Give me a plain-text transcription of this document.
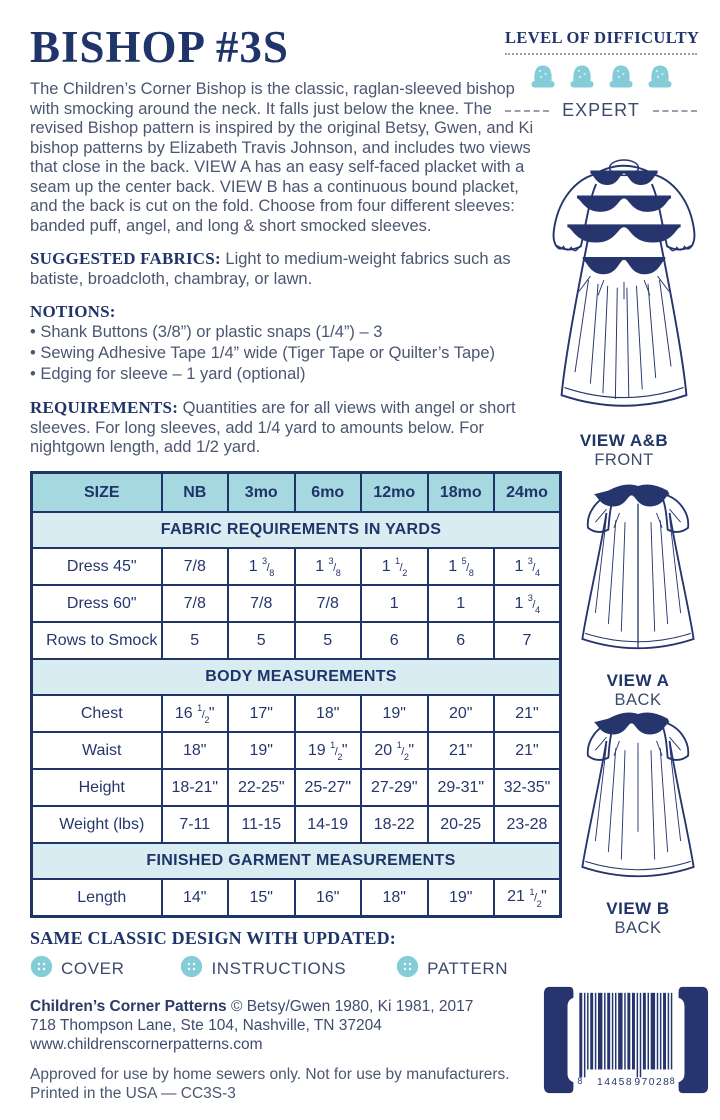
BISHOP #3S

The Children’s Corner Bishop is the classic, raglan-sleeved bishop with smocking around the neck. It falls just below the knee. The revised Bishop pattern is inspired by the original Betsy, Gwen, and Ki bishop patterns by Elizabeth Travis Johnson, and includes two views that close in the back. VIEW A has an easy self-faced placket with a seam up the center back. VIEW B has a continuous bound placket, and the back is cut on the fold. Choose from four different sleeves: banded puff, angel, and long & short smocked sleeves.

SUGGESTED FABRICS: Light to medium-weight fabrics such as batiste, broadcloth, chambray, or lawn.

NOTIONS:
• Shank Buttons (3/8”) or plastic snaps (1/4”) – 3
• Sewing Adhesive Tape 1/4” wide (Tiger Tape or Quilter’s Tape)
• Edging for sleeve – 1 yard (optional)

REQUIREMENTS: Quantities are for all views with angel or short sleeves. For long sleeves, add 1/4 yard to amounts below. For nightgown length, add 1/2 yard.

SIZE	NB	3mo	6mo	12mo	18mo	24mo
FABRIC REQUIREMENTS IN YARDS						
Dress 45"	7/8	1 $^3/_8$	1 $^3/_8$	1 $^1/_2$	1 $^5/_8$	1 $^3/_4$
Dress 60"	7/8	7/8	7/8	1	1	1 $^3/_4$
Rows to Smock	5	5	5	6	6	7
BODY MEASUREMENTS						
Chest	16 $^1/_2$"	17"	18"	19"	20"	21"
Waist	18"	19"	19 $^1/_2$"	20 $^1/_2$"	21"	21"
Height	18-21"	22-25"	25-27"	27-29"	29-31"	32-35"
Weight (lbs)	7-11	11-15	14-19	18-22	20-25	23-28
FINISHED GARMENT MEASUREMENTS						
Length	14"	15"	16"	18"	19"	21 $^1/_2$"
SAME CLASSIC DESIGN WITH UPDATED:
COVER	INSTRUCTIONS	PATTERN
Children’s Corner Patterns © Betsy/Gwen 1980, Ki 1981, 2017
718 Thompson Lane, Ste 104, Nashville, TN 37204
www.childrenscornerpatterns.com
Approved for use by home sewers only. Not for use by manufacturers.
Printed in the USA — CC3S-3
LEVEL OF DIFFICULTY
EXPERT
VIEW A&B
FRONT
VIEW A
BACK
VIEW B
BACK
8 14458 97028 8
